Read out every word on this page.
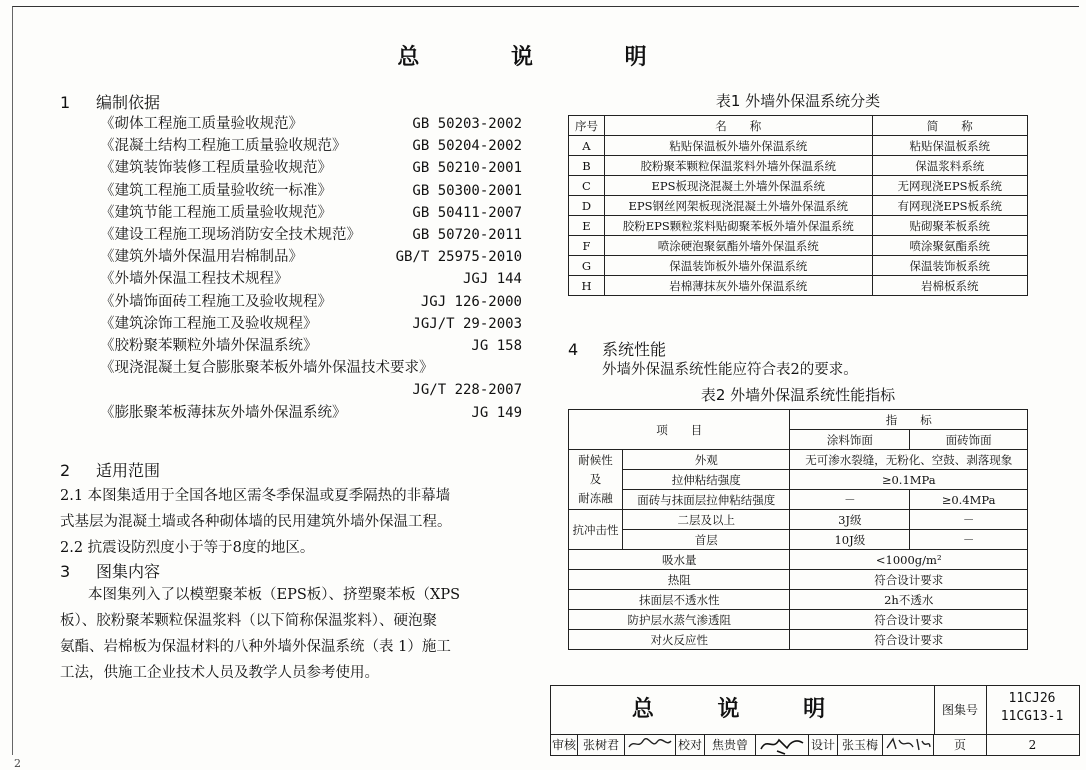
总 说 明
1 编制依据
《砌体工程施工质量验收规范》	GB 50203-2002
《混凝土结构工程施工质量验收规范》	GB 50204-2002
《建筑装饰装修工程质量验收规范》	GB 50210-2001
《建筑工程施工质量验收统一标准》	GB 50300-2001
《建筑节能工程施工质量验收规范》	GB 50411-2007
《建设工程施工现场消防安全技术规范》	GB 50720-2011
《建筑外墙外保温用岩棉制品》	GB/T 25975-2010
《外墙外保温工程技术规程》	JGJ 144
《外墙饰面砖工程施工及验收规程》	JGJ 126-2000
《建筑涂饰工程施工及验收规程》	JGJ/T 29-2003
《胶粉聚苯颗粒外墙外保温系统》	JG 158
《现浇混凝土复合膨胀聚苯板外墙外保温技术要求》
JG/T 228-2007
《膨胀聚苯板薄抹灰外墙外保温系统》	JG 149
2 适用范围
2.1 本图集适用于全国各地区需冬季保温或夏季隔热的非幕墙
式基层为混凝土墙或各种砌体墙的民用建筑外墙外保温工程。
2.2 抗震设防烈度小于等于8度的地区。
3 图集内容
本图集列入了以模塑聚苯板（EPS板）、挤塑聚苯板（XPS
板）、胶粉聚苯颗粒保温浆料（以下简称保温浆料）、硬泡聚
氨酯、岩棉板为保温材料的八种外墙外保温系统（表 1）施工
工法，供施工企业技术人员及教学人员参考使用。
表1 外墙外保温系统分类
序号	名　　称	简　　称
A	粘贴保温板外墙外保温系统	粘贴保温板系统
B	胶粉聚苯颗粒保温浆料外墙外保温系统	保温浆料系统
C	EPS板现浇混凝土外墙外保温系统	无网现浇EPS板系统
D	EPS钢丝网架板现浇混凝土外墙外保温系统	有网现浇EPS板系统
E	胶粉EPS颗粒浆料贴砌聚苯板外墙外保温系统	贴砌聚苯板系统
F	喷涂硬泡聚氨酯外墙外保温系统	喷涂聚氨酯系统
G	保温装饰板外墙外保温系统	保温装饰板系统
H	岩棉薄抹灰外墙外保温系统	岩棉板系统
4 系统性能
外墙外保温系统性能应符合表2的要求。
表2 外墙外保温系统性能指标
项　　目		指　　标	
		涂料饰面	面砖饰面

耐候性
及
耐冻融	外观	无可渗水裂缝，无粉化、空鼓、剥落现象	
	拉伸粘结强度	≥0.1MPa	
	面砖与抹面层拉伸粘结强度	－	≥0.4MPa
抗冲击性	二层及以上	3J级	－
	首层	10J级	－
吸水量		<1000g/m²	
热阻		符合设计要求	
抹面层不透水性		2h不透水	
防护层水蒸气渗透阻		符合设计要求	
对火反应性		符合设计要求	
总 说 明	图集号
11CJ26
11CG13-1
审核 张树君	校对 焦贵曾	设计 张玉梅	页	2
2
